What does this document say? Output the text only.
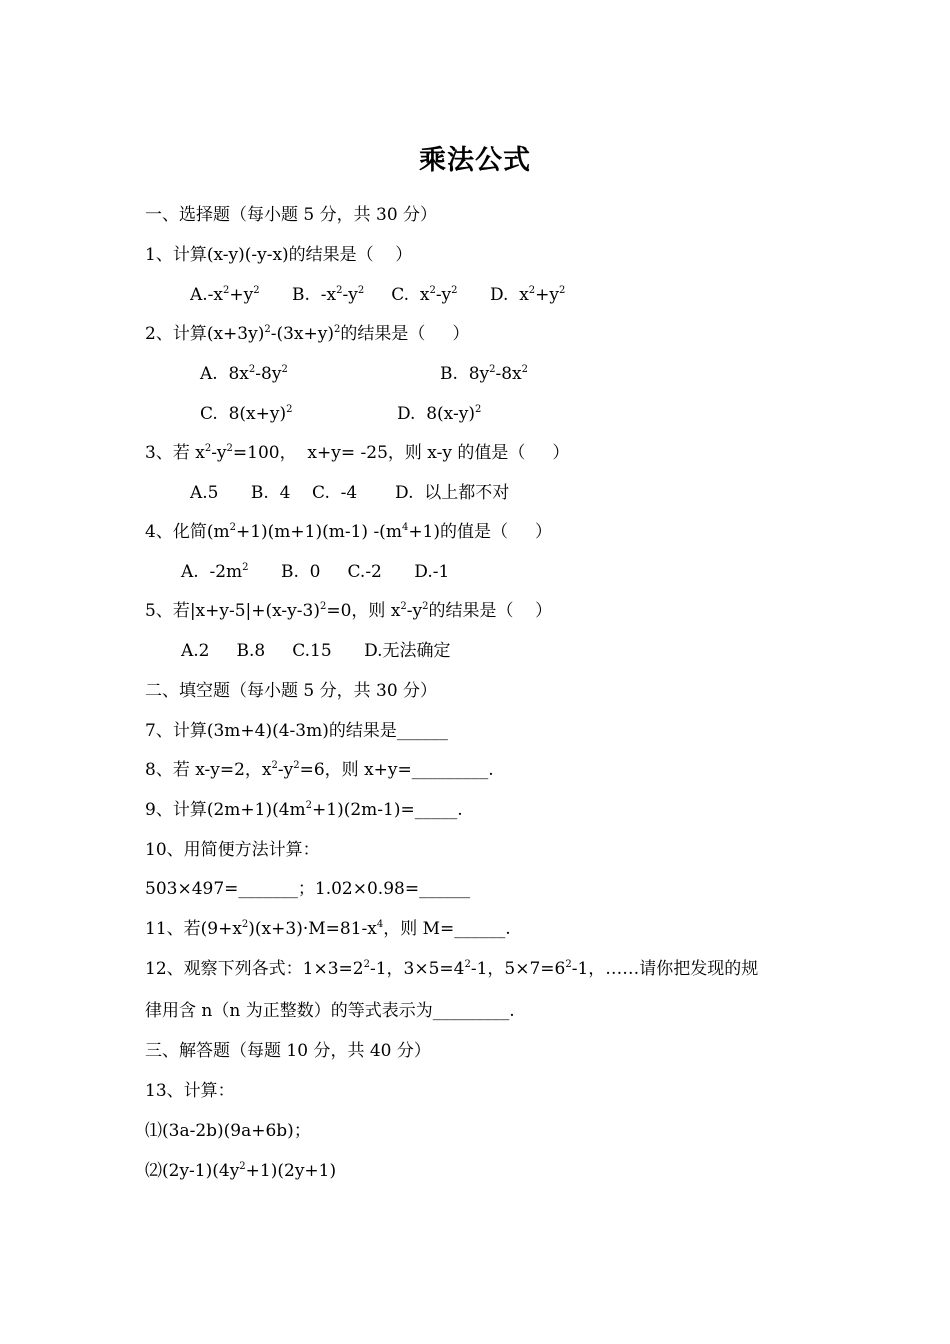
乘法公式
一、选择题（每小题 5 分，共 30 分）
1、计算(x-y)(-y-x)的结果是（    ）
$A.-x^2+y^2$      B.  $-x^2-y^2$     C.  $x^2-y^2$      D.  $x^2+y^2$
2、计算$(x+3y)^2-(3x+y)^2$的结果是（     ）
A.  $8x^2-8y^2$	B.  $8y^2-8x^2$
C.  $8(x+y)^2$	D.  $8(x-y)^2$
3、若 $x^2-y^2=100$，  x+y= -25，则 x-y 的值是（     ）
A.5      B.  4    C.  -4       D.  以上都不对
4、化简$(m^2+1)(m+1)(m-1)$ $-(m^4+1)$的值是（     ）
A.  $-2m^2$      B.  0     C.-2      D.-1
5、若$|x+y-5|+(x-y-3)^2=0$，则 $x^2-y^2$的结果是（    ）
A.2     B.8     C.15      D.无法确定
二、填空题（每小题 5 分，共 30 分）
7、计算(3m+4)(4-3m)的结果是______
8、若 x-y=2，$x^2-y^2=6$，则 x+y=_________.
9、计算$(2m+1)(4m^2+1)(2m-1)=\_\_\_\_\_$.
10、用简便方法计算：
503×497=_______；1.02×0.98=______
11、若$(9+x^2)(x+3)\cdot M=81-x^4$，则 M=______.
12、观察下列各式：$1\times 3=2^2-1$，$3\times 5=4^2-1$，$5\times 7=6^2-1$，……请你把发现的规
律用含 n（n 为正整数）的等式表示为_________.
三、解答题（每题 10 分，共 40 分）
13、计算：
⑴(3a-2b)(9a+6b)；
$⑵(2y-1)(4y^2+1)(2y+1)$
